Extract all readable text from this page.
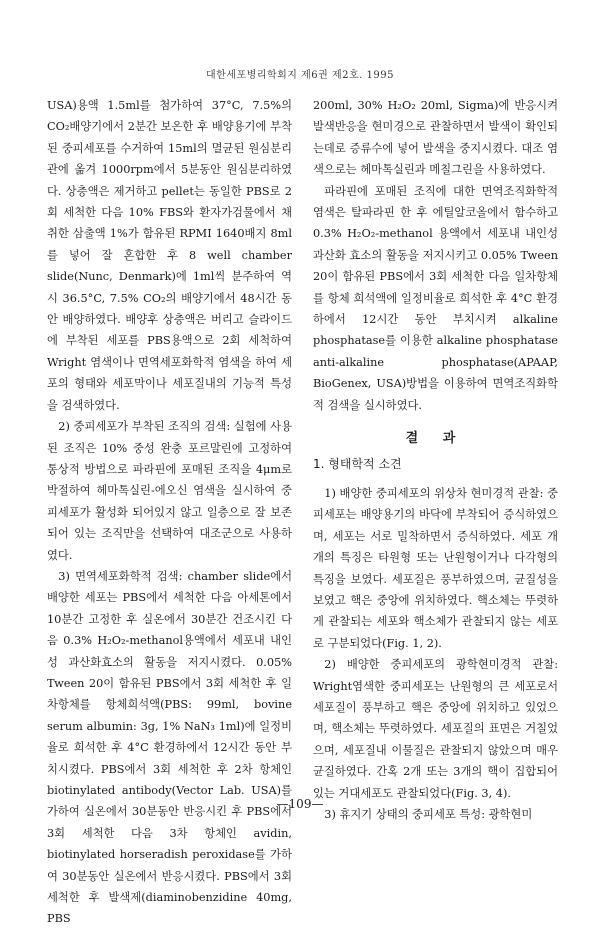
대한세포병리학회지 제6권 제2호. 1995

USA)용액 1.5ml를 첨가하여 37°C, 7.5%의 CO₂배양기에서 2분간 보온한 후 배양용기에 부착된 중피세포를 수거하여 15ml의 멸균된 원심분리관에 옮겨 1000rpm에서 5분동안 원심분리하였다. 상층액은 제거하고 pellet는 동일한 PBS로 2회 세척한 다음 10% FBS와 환자가검물에서 채취한 삼출액 1%가 함유된 RPMI 1640배지 8ml를 넣어 잘 혼합한 후 8 well chamber slide(Nunc, Denmark)에 1ml씩 분주하여 역시 36.5°C, 7.5% CO₂의 배양기에서 48시간 동안 배양하였다. 배양후 상층액은 버리고 슬라이드에 부착된 세포를 PBS용액으로 2회 세척하여 Wright 염색이나 면역세포화학적 염색을 하여 세포의 형태와 세포막이나 세포질내의 기능적 특성을 검색하였다.

2) 중피세포가 부착된 조직의 검색: 실험에 사용된 조직은 10% 중성 완충 포르말린에 고정하여 통상적 방법으로 파라핀에 포매된 조직을 4μm로 박절하여 헤마톡실린-에오신 염색을 실시하여 중피세포가 활성화 되어있지 않고 일층으로 잘 보존되어 있는 조직만을 선택하여 대조군으로 사용하였다.

3) 면역세포화학적 검색: chamber slide에서 배양한 세포는 PBS에서 세척한 다음 아세톤에서 10분간 고정한 후 실온에서 30분간 건조시킨 다음 0.3% H₂O₂-methanol용액에서 세포내 내인성 과산화효소의 활동을 저지시켰다. 0.05% Tween 20이 함유된 PBS에서 3회 세척한 후 일차항체를 항체희석액(PBS: 99ml, bovine serum albumin: 3g, 1% NaN₃ 1ml)에 일정비율로 희석한 후 4°C 환경하에서 12시간 동안 부치시켰다. PBS에서 3회 세척한 후 2차 항체인 biotinylated antibody(Vector Lab. USA)를 가하여 실온에서 30분동안 반응시킨 후 PBS에서 3회 세척한 다음 3차 항체인 avidin, biotinylated horseradish peroxidase를 가하여 30분동안 실온에서 반응시켰다. PBS에서 3회 세척한 후 발색제(diaminobenzidine 40mg, PBS

200ml, 30% H₂O₂ 20ml, Sigma)에 반응시켜 발색반응을 현미경으로 관찰하면서 발색이 확인되는데로 증류수에 넣어 발색을 중지시켰다. 대조 염색으로는 헤마톡실린과 메칠그린을 사용하였다.

파라핀에 포매된 조직에 대한 면역조직화학적 염색은 탈파라핀 한 후 에틸알코올에서 함수하고 0.3% H₂O₂-methanol 용액에서 세포내 내인성 과산화 효소의 활동을 저지시키고 0.05% Tween 20이 함유된 PBS에서 3회 세척한 다음 일차항체를 항체 희석액에 일정비율로 희석한 후 4°C 환경하에서 12시간 동안 부치시켜 alkaline phosphatase를 이용한 alkaline phosphatase anti-alkaline phosphatase(APAAP, BioGenex, USA)방법을 이용하여 면역조직화학적 검색을 실시하였다.

결 과
1. 형태학적 소견

1) 배양한 중피세포의 위상차 현미경적 관찰: 중피세포는 배양용기의 바닥에 부착되어 증식하였으며, 세포는 서로 밀착하면서 증식하였다. 세포 개개의 특징은 타원형 또는 난원형이거나 다각형의 특징을 보였다. 세포질은 풍부하였으며, 균질성을 보였고 핵은 중앙에 위치하였다. 핵소체는 뚜렷하게 관찰되는 세포와 핵소체가 관찰되지 않는 세포로 구분되었다(Fig. 1, 2).

2) 배양한 중피세포의 광학현미경적 관찰: Wright염색한 중피세포는 난원형의 큰 세포로서 세포질이 풍부하고 핵은 중앙에 위치하고 있었으며, 핵소체는 뚜렷하였다. 세포질의 표면은 거칠었으며, 세포질내 이물질은 관찰되지 않았으며 매우 균질하였다. 간혹 2개 또는 3개의 핵이 집합되어 있는 거대세포도 관찰되었다(Fig. 3, 4).

3) 휴지기 상태의 중피세포 특성: 광학현미

—109—
